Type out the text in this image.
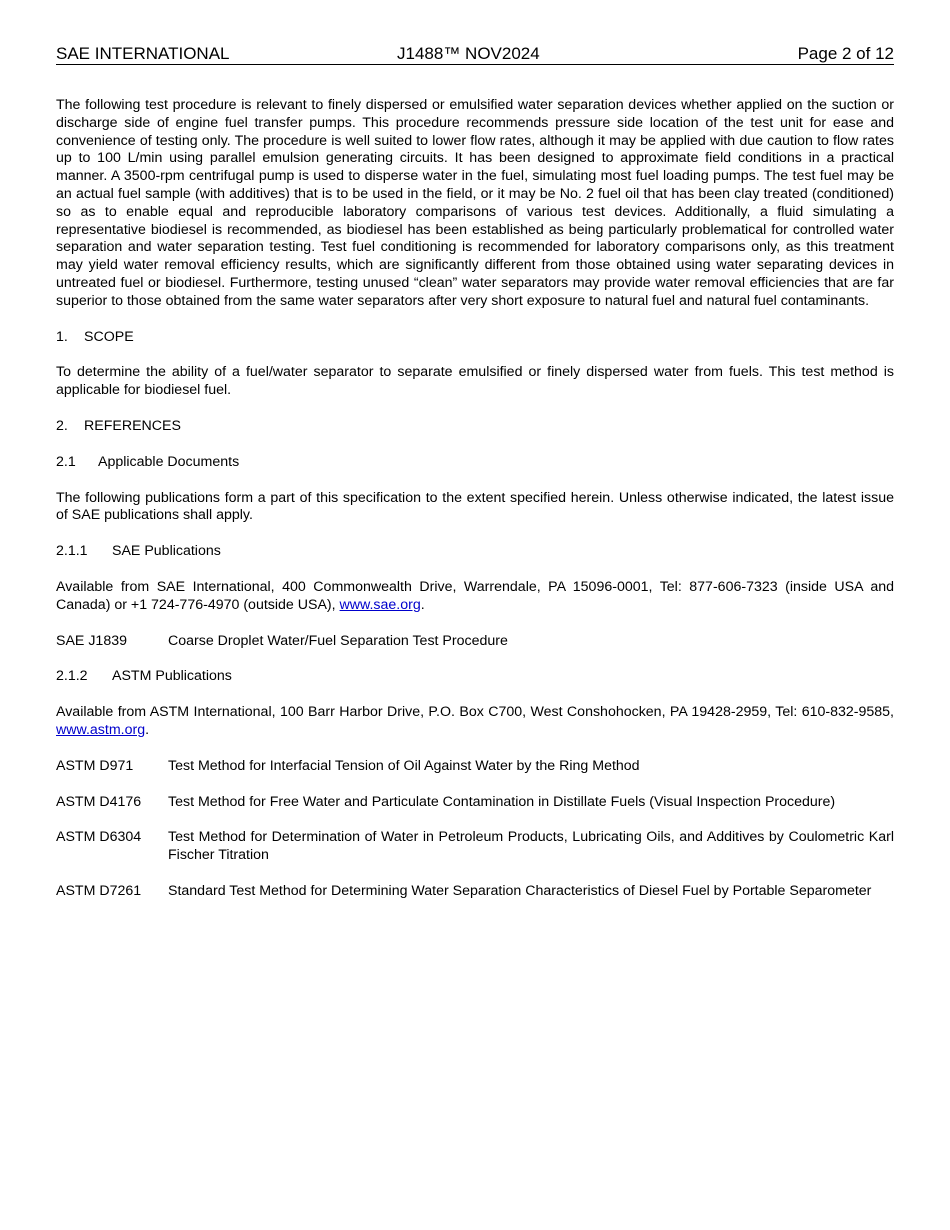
SAE INTERNATIONAL	J1488™ NOV2024	Page 2 of 12

The following test procedure is relevant to finely dispersed or emulsified water separation devices whether applied on the suction or discharge side of engine fuel transfer pumps. This procedure recommends pressure side location of the test unit for ease and convenience of testing only. The procedure is well suited to lower flow rates, although it may be applied with due caution to flow rates up to 100 L/min using parallel emulsion generating circuits. It has been designed to approximate field conditions in a practical manner. A 3500-rpm centrifugal pump is used to disperse water in the fuel, simulating most fuel loading pumps. The test fuel may be an actual fuel sample (with additives) that is to be used in the field, or it may be No. 2 fuel oil that has been clay treated (conditioned) so as to enable equal and reproducible laboratory comparisons of various test devices. Additionally, a fluid simulating a representative biodiesel is recommended, as biodiesel has been established as being particularly problematical for controlled water separation and water separation testing. Test fuel conditioning is recommended for laboratory comparisons only, as this treatment may yield water removal efficiency results, which are significantly different from those obtained using water separating devices in untreated fuel or biodiesel. Furthermore, testing unused “clean” water separators may provide water removal efficiencies that are far superior to those obtained from the same water separators after very short exposure to natural fuel and natural fuel contaminants.

1. SCOPE

To determine the ability of a fuel/water separator to separate emulsified or finely dispersed water from fuels. This test method is applicable for biodiesel fuel.

2. REFERENCES
2.1 Applicable Documents

The following publications form a part of this specification to the extent specified herein. Unless otherwise indicated, the latest issue of SAE publications shall apply.

2.1.1 SAE Publications

Available from SAE International, 400 Commonwealth Drive, Warrendale, PA 15096-0001, Tel: 877-606-7323 (inside USA and Canada) or +1 724-776-4970 (outside USA), www.sae.org.

SAE J1839	Coarse Droplet Water/Fuel Separation Test Procedure
2.1.2 ASTM Publications

Available from ASTM International, 100 Barr Harbor Drive, P.O. Box C700, West Conshohocken, PA 19428-2959, Tel: 610-832-9585, www.astm.org.

ASTM D971	Test Method for Interfacial Tension of Oil Against Water by the Ring Method
ASTM D4176	Test Method for Free Water and Particulate Contamination in Distillate Fuels (Visual Inspection Procedure)
ASTM D6304	Test Method for Determination of Water in Petroleum Products, Lubricating Oils, and Additives by Coulometric Karl Fischer Titration
ASTM D7261	Standard Test Method for Determining Water Separation Characteristics of Diesel Fuel by Portable Separometer
